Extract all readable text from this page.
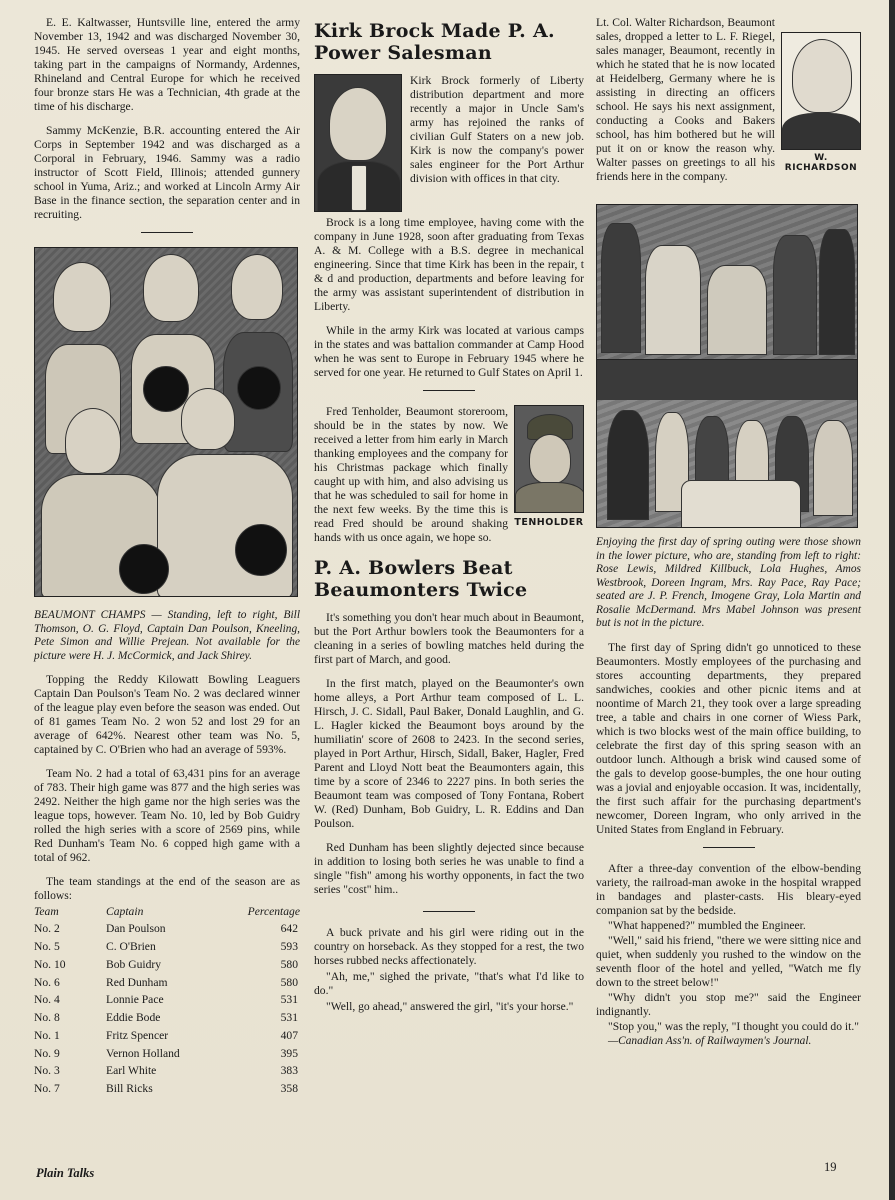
E. E. Kaltwasser, Huntsville line, entered the army November 13, 1942 and was discharged November 30, 1945. He served overseas 1 year and eight months, taking part in the campaigns of Normandy, Ardennes, Rhineland and Central Europe for which he received four bronze stars He was a Technician, 4th grade at the time of his discharge.

Sammy McKenzie, B.R. accounting entered the Air Corps in September 1942 and was discharged as a Corporal in February, 1946. Sammy was a radio instructor of Scott Field, Illinois; attended gunnery school in Yuma, Ariz.; and worked at Lincoln Army Air Base in the finance section, the separation center and in recruiting.

BEAUMONT CHAMPS — Standing, left to right, Bill Thomson, O. G. Floyd, Captain Dan Poulson, Kneeling, Pete Simon and Willie Prejean. Not available for the picture were H. J. McCormick, and Jack Shirey.

Topping the Reddy Kilowatt Bowling Leaguers Captain Dan Poulson's Team No. 2 was declared winner of the league play even before the season was ended. Out of 81 games Team No. 2 won 52 and lost 29 for an average of 642%. Nearest other team was No. 5, captained by C. O'Brien who had an average of 593%.

Team No. 2 had a total of 63,431 pins for an average of 783. Their high game was 877 and the high series was 2492. Neither the high game nor the high series was the league tops, however. Team No. 10, led by Bob Guidry rolled the high series with a score of 2569 pins, while Red Dunham's Team No. 6 copped high game with a total of 962.

The team standings at the end of the season are as follows:

Team	Captain	Percentage
No. 2	Dan Poulson	642
No. 5	C. O'Brien	593
No. 10	Bob Guidry	580
No. 6	Red Dunham	580
No. 4	Lonnie Pace	531
No. 8	Eddie Bode	531
No. 1	Fritz Spencer	407
No. 9	Vernon Holland	395
No. 3	Earl White	383
No. 7	Bill Ricks	358
Kirk Brock Made P. A. Power Salesman

Kirk Brock formerly of Liberty distribution department and more recently a major in Uncle Sam's army has rejoined the ranks of civilian Gulf Staters on a new job. Kirk is now the company's power sales engineer for the Port Arthur division with offices in that city.

Brock is a long time employee, having come with the company in June 1928, soon after graduating from Texas A. & M. College with a B.S. degree in mechanical engineering. Since that time Kirk has been in the repair, t & d and production, departments and before leaving for the army was assistant superintendent of distribution in Liberty.

While in the army Kirk was located at various camps in the states and was battalion commander at Camp Hood when he was sent to Europe in February 1945 where he served for one year. He returned to Gulf States on April 1.

TENHOLDER

Fred Tenholder, Beaumont storeroom, should be in the states by now. We received a letter from him early in March thanking employees and the company for his Christmas package which finally caught up with him, and also advising us that he was scheduled to sail for home in the next few weeks. By the time this is read Fred should be around shaking hands with us once again, we hope so.

P. A. Bowlers Beat Beaumonters Twice

It's something you don't hear much about in Beaumont, but the Port Arthur bowlers took the Beaumonters for a cleaning in a series of bowling matches held during the first part of March, and good.

In the first match, played on the Beaumonter's own home alleys, a Port Arthur team composed of L. L. Hirsch, J. C. Sidall, Paul Baker, Donald Laughlin, and G. L. Hagler kicked the Beaumont boys around by the humiliatin' score of 2608 to 2423. In the second series, played in Port Arthur, Hirsch, Sidall, Baker, Hagler, Fred Parent and Lloyd Nott beat the Beaumonters again, this time by a score of 2346 to 2227 pins. In both series the Beaumont team was composed of Tony Fontana, Robert W. (Red) Dunham, Bob Guidry, L. R. Eddins and Dan Poulson.

Red Dunham has been slightly dejected since because in addition to losing both series he was unable to find a single "fish" among his worthy opponents, in fact the two series "cost" him..

A buck private and his girl were riding out in the country on horseback. As they stopped for a rest, the two horses rubbed necks affectionately.

"Ah, me," sighed the private, "that's what I'd like to do."

"Well, go ahead," answered the girl, "it's your horse."

W. RICHARDSON

Lt. Col. Walter Richardson, Beaumont sales, dropped a letter to L. F. Riegel, sales manager, Beaumont, recently in which he stated that he is now located at Heidelberg, Germany where he is assisting in directing an officers school. He says his next assignment, conducting a Cooks and Bakers school, has him bothered but he will put it on or know the reason why. Walter passes on greetings to all his friends here in the company.

Enjoying the first day of spring outing were those shown in the lower picture, who are, standing from left to right: Rose Lewis, Mildred Killbuck, Lola Hughes, Amos Westbrook, Doreen Ingram, Mrs. Ray Pace, Ray Pace; seated are J. P. French, Imogene Gray, Lola Martin and Rosalie McDermand. Mrs Mabel Johnson was present but is not in the picture.

The first day of Spring didn't go unnoticed to these Beaumonters. Mostly employees of the purchasing and stores accounting departments, they prepared sandwiches, cookies and other picnic items and at noontime of March 21, they took over a large spreading tree, a table and chairs in one corner of Wiess Park, which is two blocks west of the main office building, to celebrate the first day of this spring season with an outdoor lunch. Although a brisk wind caused some of the gals to develop goose-bumples, the one hour outing was a jovial and enjoyable occasion. It was, incidentally, the first such affair for the purchasing department's newcomer, Doreen Ingram, who only arrived in the United States from England in February.

After a three-day convention of the elbow-bending variety, the railroad-man awoke in the hospital wrapped in bandages and plaster-casts. His bleary-eyed companion sat by the bedside.

"What happened?" mumbled the Engineer.

"Well," said his friend, "there we were sitting nice and quiet, when suddenly you rushed to the window on the seventh floor of the hotel and yelled, "Watch me fly down to the street below!"

"Why didn't you stop me?" said the Engineer indignantly.

"Stop you," was the reply, "I thought you could do it."

—Canadian Ass'n. of Railwaymen's Journal.

Plain Talks	19
